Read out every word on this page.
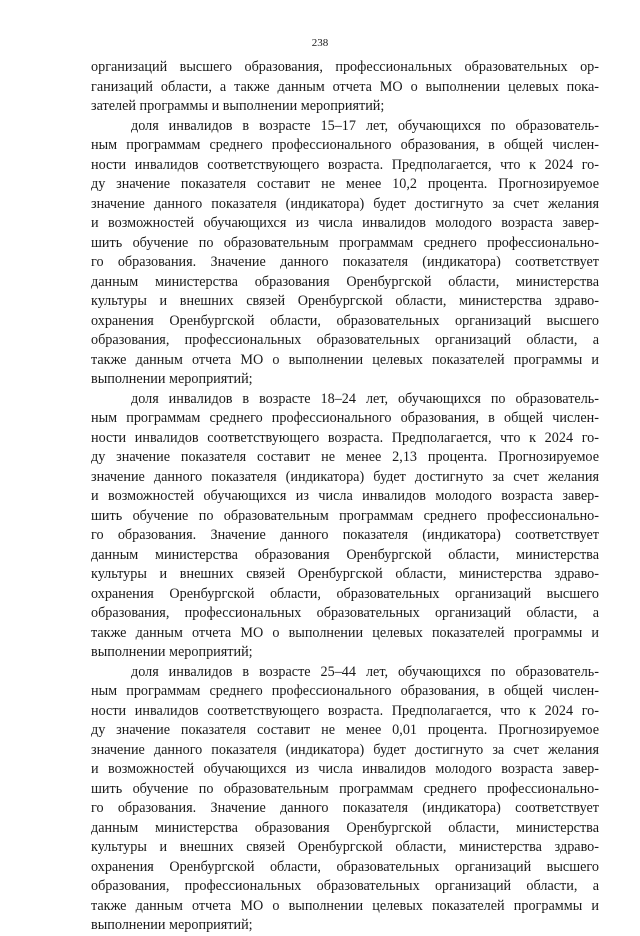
238
организаций высшего образования, профессиональных образовательных ор-
ганизаций области, а также данным отчета МО о выполнении целевых пока-
зателей программы и выполнении мероприятий;
доля инвалидов в возрасте 15–17 лет, обучающихся по образователь-
ным программам среднего профессионального образования, в общей числен-
ности инвалидов соответствующего возраста. Предполагается, что к 2024 го-
ду значение показателя составит не менее 10,2 процента. Прогнозируемое
значение данного показателя (индикатора) будет достигнуто за счет желания
и возможностей обучающихся из числа инвалидов молодого возраста завер-
шить обучение по образовательным программам среднего профессионально-
го образования. Значение данного показателя (индикатора) соответствует
данным министерства образования Оренбургской области, министерства
культуры и внешних связей Оренбургской области, министерства здраво-
охранения Оренбургской области, образовательных организаций высшего
образования, профессиональных образовательных организаций области, а
также данным отчета МО о выполнении целевых показателей программы и
выполнении мероприятий;
доля инвалидов в возрасте 18–24 лет, обучающихся по образователь-
ным программам среднего профессионального образования, в общей числен-
ности инвалидов соответствующего возраста. Предполагается, что к 2024 го-
ду значение показателя составит не менее 2,13 процента. Прогнозируемое
значение данного показателя (индикатора) будет достигнуто за счет желания
и возможностей обучающихся из числа инвалидов молодого возраста завер-
шить обучение по образовательным программам среднего профессионально-
го образования. Значение данного показателя (индикатора) соответствует
данным министерства образования Оренбургской области, министерства
культуры и внешних связей Оренбургской области, министерства здраво-
охранения Оренбургской области, образовательных организаций высшего
образования, профессиональных образовательных организаций области, а
также данным отчета МО о выполнении целевых показателей программы и
выполнении мероприятий;
доля инвалидов в возрасте 25–44 лет, обучающихся по образователь-
ным программам среднего профессионального образования, в общей числен-
ности инвалидов соответствующего возраста. Предполагается, что к 2024 го-
ду значение показателя составит не менее 0,01 процента. Прогнозируемое
значение данного показателя (индикатора) будет достигнуто за счет желания
и возможностей обучающихся из числа инвалидов молодого возраста завер-
шить обучение по образовательным программам среднего профессионально-
го образования. Значение данного показателя (индикатора) соответствует
данным министерства образования Оренбургской области, министерства
культуры и внешних связей Оренбургской области, министерства здраво-
охранения Оренбургской области, образовательных организаций высшего
образования, профессиональных образовательных организаций области, а
также данным отчета МО о выполнении целевых показателей программы и
выполнении мероприятий;
